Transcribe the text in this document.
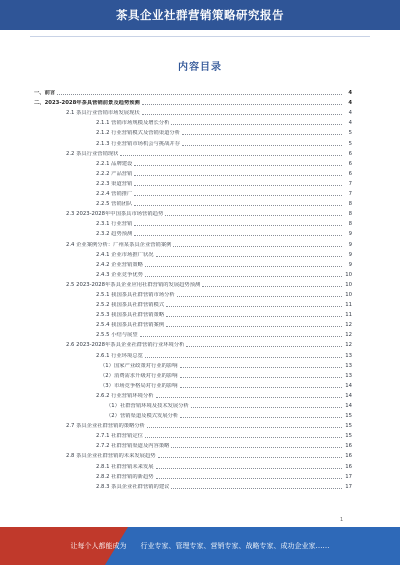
茶具企业社群营销策略研究报告
内容目录
一、前言	4
二、2023-2028年茶具营销前景及趋势预测	4
2.1 茶具行业营销市场发展现状	4
2.1.1 营销市场规模及增长分析	4
2.1.2 行业营销模式及营销渠道分析	5
2.1.3 行业营销市场机会与挑战并存	5
2.2 茶具行业营销现状	6
2.2.1 品牌建设	6
2.2.2 产品营销	6
2.2.3 渠道营销	7
2.2.4 营销推广	7
2.2.5 营销团队	8
2.3 2023-2028年中国茶具市场营销趋势	8
2.3.1 行业营销	8
2.3.2 趋势预测	9
2.4 企业案例分析：广州某茶具企业营销案例	9
2.4.1 企业市场推广状况	9
2.4.2 企业营销策略	9
2.4.3 企业竞争优势	10
2.5 2023-2028年茶具企业应用社群营销的发展趋势预测	10
2.5.1 我国茶具社群营销市场分析	10
2.5.2 我国茶具社群营销模式	11
2.5.3 我国茶具社群营销策略	11
2.5.4 我国茶具社群营销案例	12
2.5.5 小结与展望	12
2.6 2023-2028年茶具企业社群营销行业环境分析	12
2.6.1 行业环境总览	13
（1）国家产业政策对行业的影响	13
（2）消费需求升级对行业的影响	13
（3）市场竞争格局对行业的影响	14
2.6.2 行业营销环境分析	14
（1）社群营销环境及技术发展分析	14
（2）营销渠道及模式发展分析	15
2.7 茶具企业社群营销的策略分析	15
2.7.1 社群营销定位	15
2.7.2 社群营销渠道及内容策略	16
2.8 茶具企业社群营销的未来发展趋势	16
2.8.1 社群营销未来发展	16
2.8.2 社群营销的新趋势	17
2.8.3 茶具企业社群营销的建议	17
1
让每个人都能成为　　行业专家、管理专家、营销专家、战略专家、成功企业家……
